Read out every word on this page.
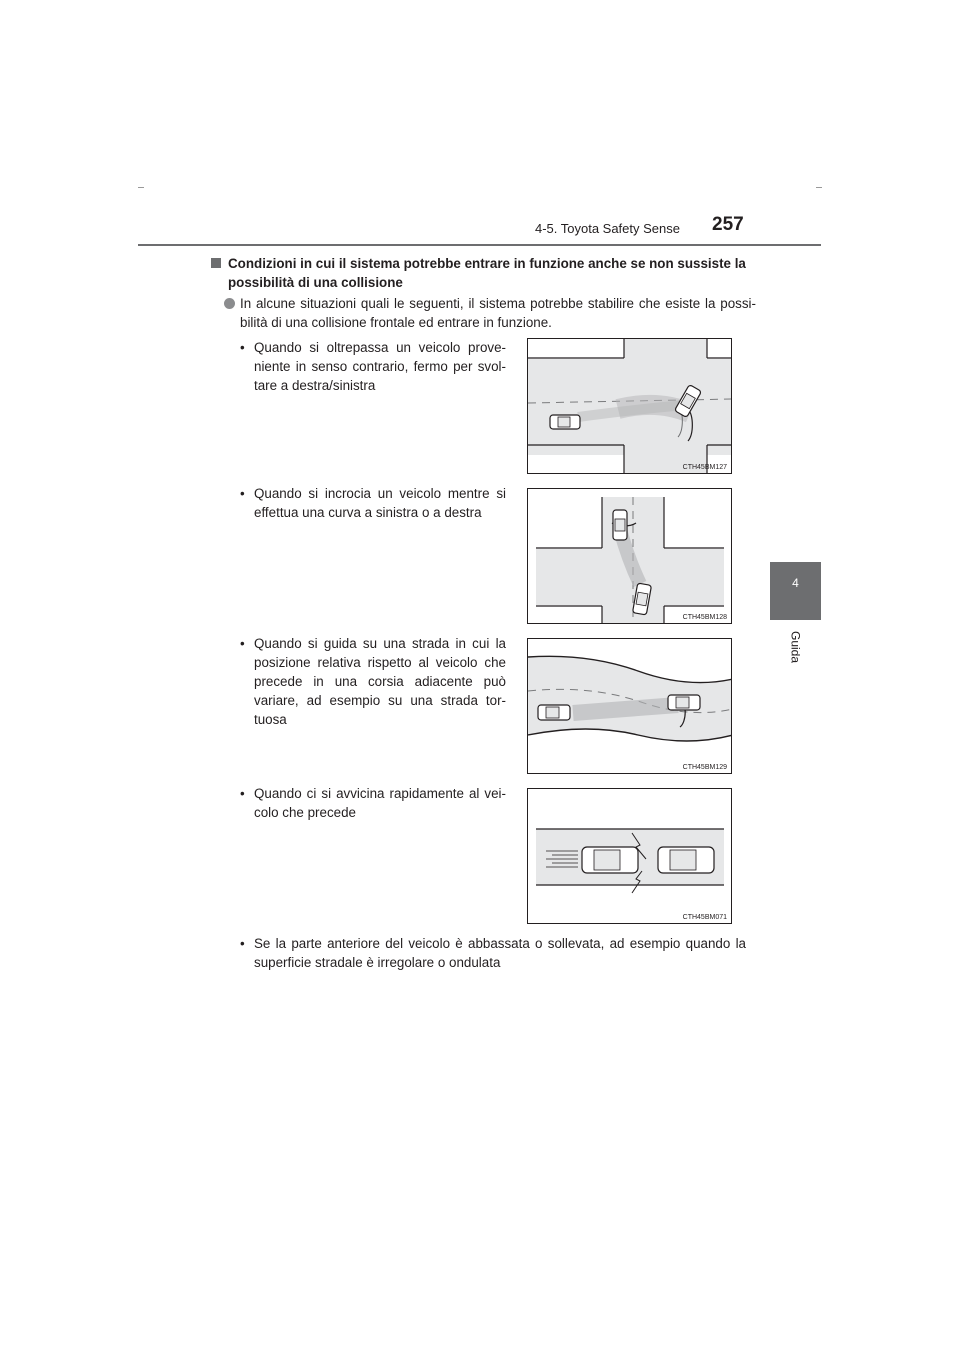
4-5. Toyota Safety Sense 257
4
Guida
Condizioni in cui il sistema potrebbe entrare in funzione anche se non sussiste la possibilità di una collisione
In alcune situazioni quali le seguenti, il sistema potrebbe stabilire che esiste la possi-bilità di una collisione frontale ed entrare in funzione.
• Quando si oltrepassa un veicolo prove-niente in senso contrario, fermo per svol-tare a destra/sinistra
CTH45BM127
• Quando si incrocia un veicolo mentre si effettua una curva a sinistra o a destra
CTH45BM128
• Quando si guida su una strada in cui la posizione relativa rispetto al veicolo che precede in una corsia adiacente può variare, ad esempio su una strada tor-tuosa
CTH45BM129
• Quando ci si avvicina rapidamente al vei-colo che precede
CTH45BM071
• Se la parte anteriore del veicolo è abbassata o sollevata, ad esempio quando la superficie stradale è irregolare o ondulata
